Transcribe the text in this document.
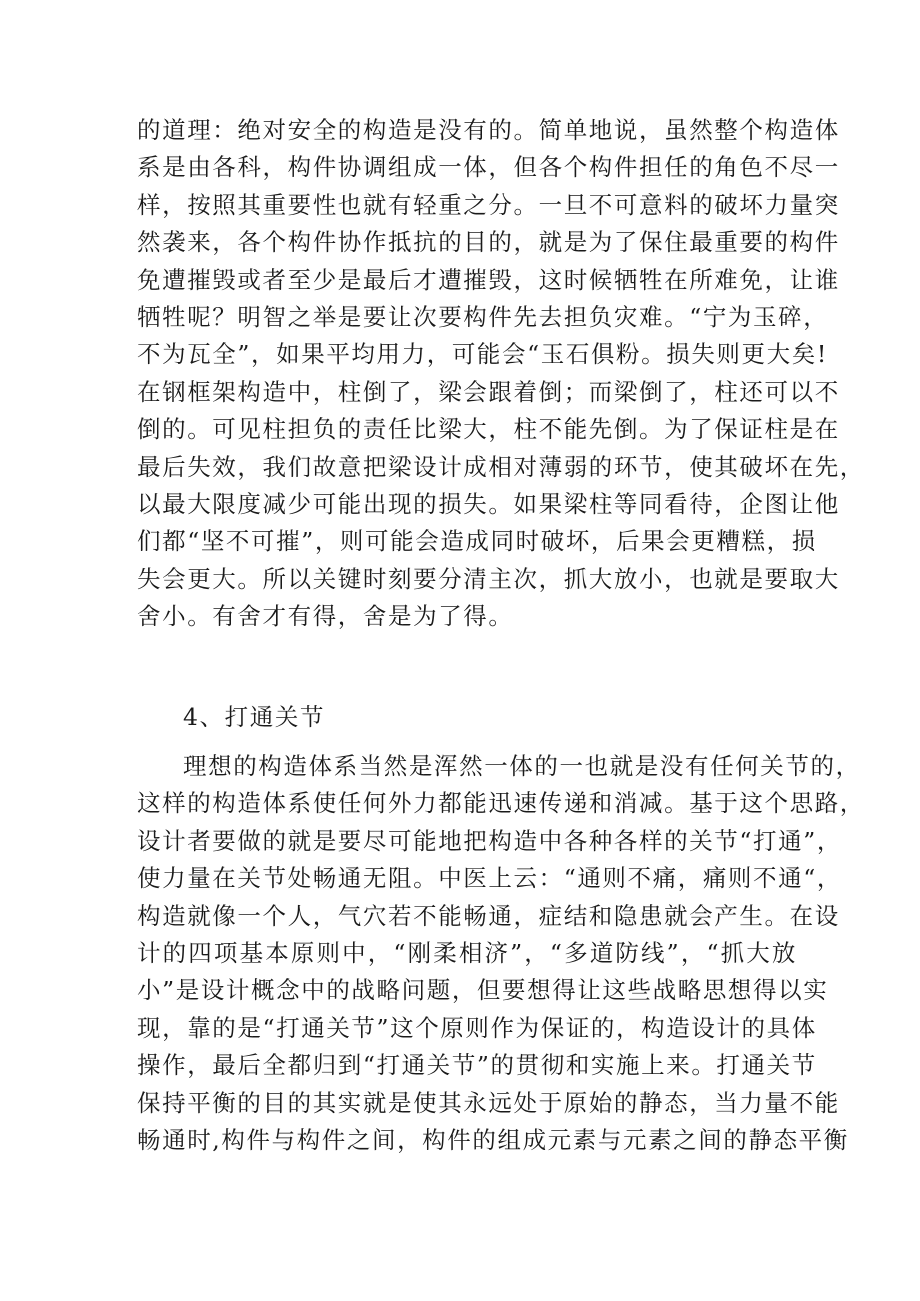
的道理：绝对安全的构造是没有的。简单地说，虽然整个构造体
系是由各科，构件协调组成一体，但各个构件担任的角色不尽一
样，按照其重要性也就有轻重之分。一旦不可意料的破坏力量突
然袭来，各个构件协作抵抗的目的，就是为了保住最重要的构件
免遭摧毁或者至少是最后才遭摧毁，这时候牺牲在所难免，让谁
牺牲呢？明智之举是要让次要构件先去担负灾难。“宁为玉碎，
不为瓦全”，如果平均用力，可能会“玉石俱粉。损失则更大矣!
在钢框架构造中，柱倒了，梁会跟着倒；而梁倒了，柱还可以不
倒的。可见柱担负的责任比梁大，柱不能先倒。为了保证柱是在
最后失效，我们故意把梁设计成相对薄弱的环节，使其破坏在先，
以最大限度减少可能出现的损失。如果梁柱等同看待，企图让他
们都“坚不可摧”，则可能会造成同时破坏，后果会更糟糕，损
失会更大。所以关键时刻要分清主次，抓大放小，也就是要取大
舍小。有舍才有得，舍是为了得。
4、打通关节
理想的构造体系当然是浑然一体的一也就是没有任何关节的，
这样的构造体系使任何外力都能迅速传递和消减。基于这个思路，
设计者要做的就是要尽可能地把构造中各种各样的关节“打通”，
使力量在关节处畅通无阻。中医上云：“通则不痛，痛则不通“，
构造就像一个人，气穴若不能畅通，症结和隐患就会产生。在设
计的四项基本原则中，“刚柔相济”，“多道防线”，“抓大放
小”是设计概念中的战略问题，但要想得让这些战略思想得以实
现，靠的是“打通关节”这个原则作为保证的，构造设计的具体
操作，最后全都归到“打通关节”的贯彻和实施上来。打通关节
保持平衡的目的其实就是使其永远处于原始的静态，当力量不能
畅通时,构件与构件之间，构件的组成元素与元素之间的静态平衡
